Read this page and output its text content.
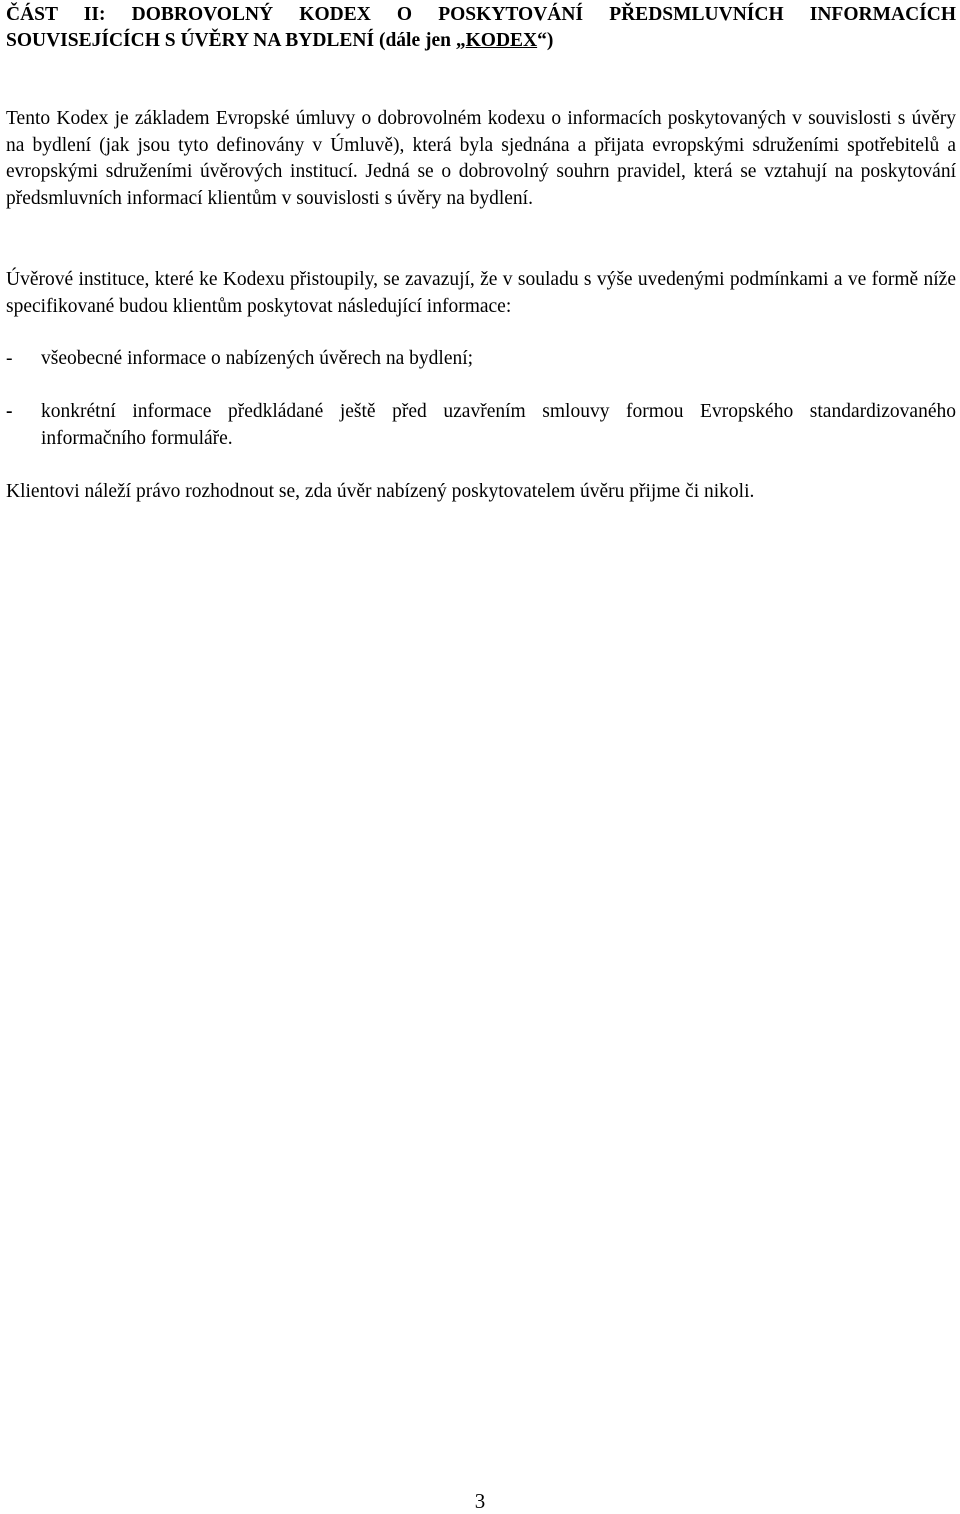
ČÁST II: DOBROVOLNÝ KODEX O POSKYTOVÁNÍ PŘEDSMLUVNÍCH INFORMACÍCH SOUVISEJÍCÍCH S ÚVĚRY NA BYDLENÍ (dále jen „KODEX“)

Tento Kodex je základem Evropské úmluvy o dobrovolném kodexu o informacích poskytovaných v souvislosti s úvěry na bydlení (jak jsou tyto definovány v Úmluvě), která byla sjednána a přijata evropskými sdruženími spotřebitelů a evropskými sdruženími úvěrových institucí. Jedná se o dobrovolný souhrn pravidel, která se vztahují na poskytování předsmluvních informací klientům v souvislosti s úvěry na bydlení.

Úvěrové instituce, které ke Kodexu přistoupily, se zavazují, že v souladu s výše uvedenými podmínkami a ve formě níže specifikované budou klientům poskytovat následující informace:

-	všeobecné informace o nabízených úvěrech na bydlení;
-	konkrétní informace předkládané ještě před uzavřením smlouvy formou Evropského standardizovaného informačního formuláře.

Klientovi náleží právo rozhodnout se, zda úvěr nabízený poskytovatelem úvěru přijme či nikoli.

3
